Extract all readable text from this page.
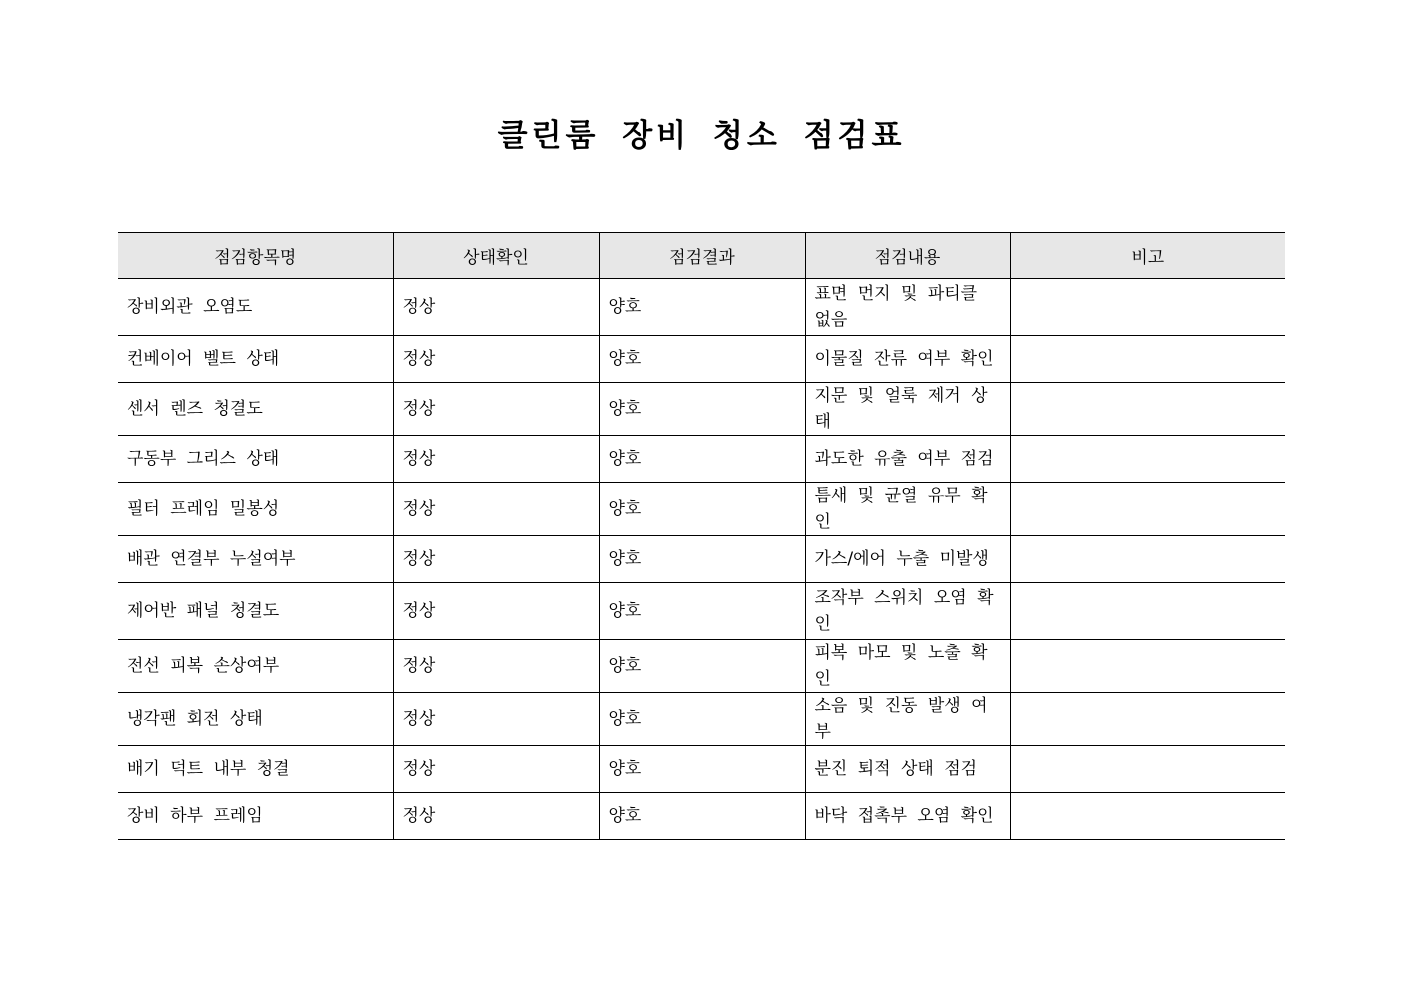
클린룸 장비 청소 점검표
점검항목명	상태확인	점검결과	점검내용	비고
장비외관 오염도	정상	양호	표면 먼지 및 파티클 없음	
컨베이어 벨트 상태	정상	양호	이물질 잔류 여부 확인	
센서 렌즈 청결도	정상	양호	지문 및 얼룩 제거 상태	
구동부 그리스 상태	정상	양호	과도한 유출 여부 점검	
필터 프레임 밀봉성	정상	양호	틈새 및 균열 유무 확인	
배관 연결부 누설여부	정상	양호	가스/에어 누출 미발생	
제어반 패널 청결도	정상	양호	조작부 스위치 오염 확인	
전선 피복 손상여부	정상	양호	피복 마모 및 노출 확인	
냉각팬 회전 상태	정상	양호	소음 및 진동 발생 여부	
배기 덕트 내부 청결	정상	양호	분진 퇴적 상태 점검	
장비 하부 프레임	정상	양호	바닥 접촉부 오염 확인	
